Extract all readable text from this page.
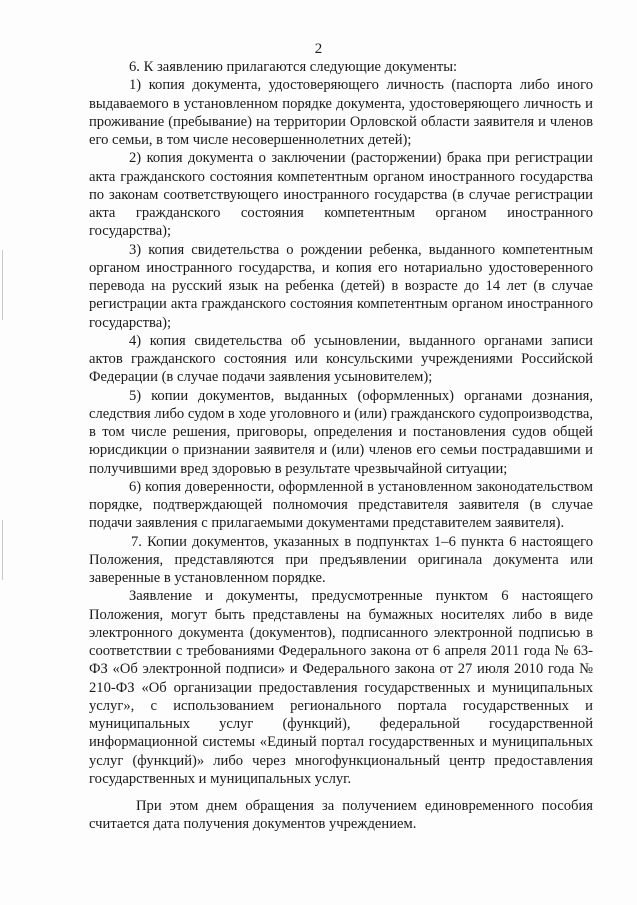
2

6. К заявлению прилагаются следующие документы:

1) копия документа, удостоверяющего личность (паспорта либо иного выдаваемого в установленном порядке документа, удостоверяющего личность и проживание (пребывание) на территории Орловской области заявителя и членов его семьи, в том числе несовершеннолетних детей);

2) копия документа о заключении (расторжении) брака при регистрации акта гражданского состояния компетентным органом иностранного государства по законам соответствующего иностранного государства (в случае регистрации акта гражданского состояния компетентным органом иностранного государства);

3) копия свидетельства о рождении ребенка, выданного компетентным органом иностранного государства, и копия его нотариально удостоверенного перевода на русский язык на ребенка (детей) в возрасте до 14 лет (в случае регистрации акта гражданского состояния компетентным органом иностранного государства);

4) копия свидетельства об усыновлении, выданного органами записи актов гражданского состояния или консульскими учреждениями Российской Федерации (в случае подачи заявления усыновителем);

5) копии документов, выданных (оформленных) органами дознания, следствия либо судом в ходе уголовного и (или) гражданского судопроизводства, в том числе решения, приговоры, определения и постановления судов общей юрисдикции о признании заявителя и (или) членов его семьи пострадавшими и получившими вред здоровью в результате чрезвычайной ситуации;

6) копия доверенности, оформленной в установленном законодательством порядке, подтверждающей полномочия представителя заявителя (в случае подачи заявления с прилагаемыми документами представителем заявителя).

7. Копии документов, указанных в подпунктах 1–6 пункта 6 настоящего Положения, представляются при предъявлении оригинала документа или заверенные в установленном порядке.

Заявление и документы, предусмотренные пунктом 6 настоящего Положения, могут быть представлены на бумажных носителях либо в виде электронного документа (документов), подписанного электронной подписью в соответствии с требованиями Федерального закона от 6 апреля 2011 года № 63-ФЗ «Об электронной подписи» и Федерального закона от 27 июля 2010 года № 210-ФЗ «Об организации предоставления государственных и муниципальных услуг», с использованием регионального портала государственных и муниципальных услуг (функций), федеральной государственной информационной системы «Единый портал государственных и муниципальных услуг (функций)» либо через многофункциональный центр предоставления государственных и муниципальных услуг.

При этом днем обращения за получением единовременного пособия считается дата получения документов учреждением.
